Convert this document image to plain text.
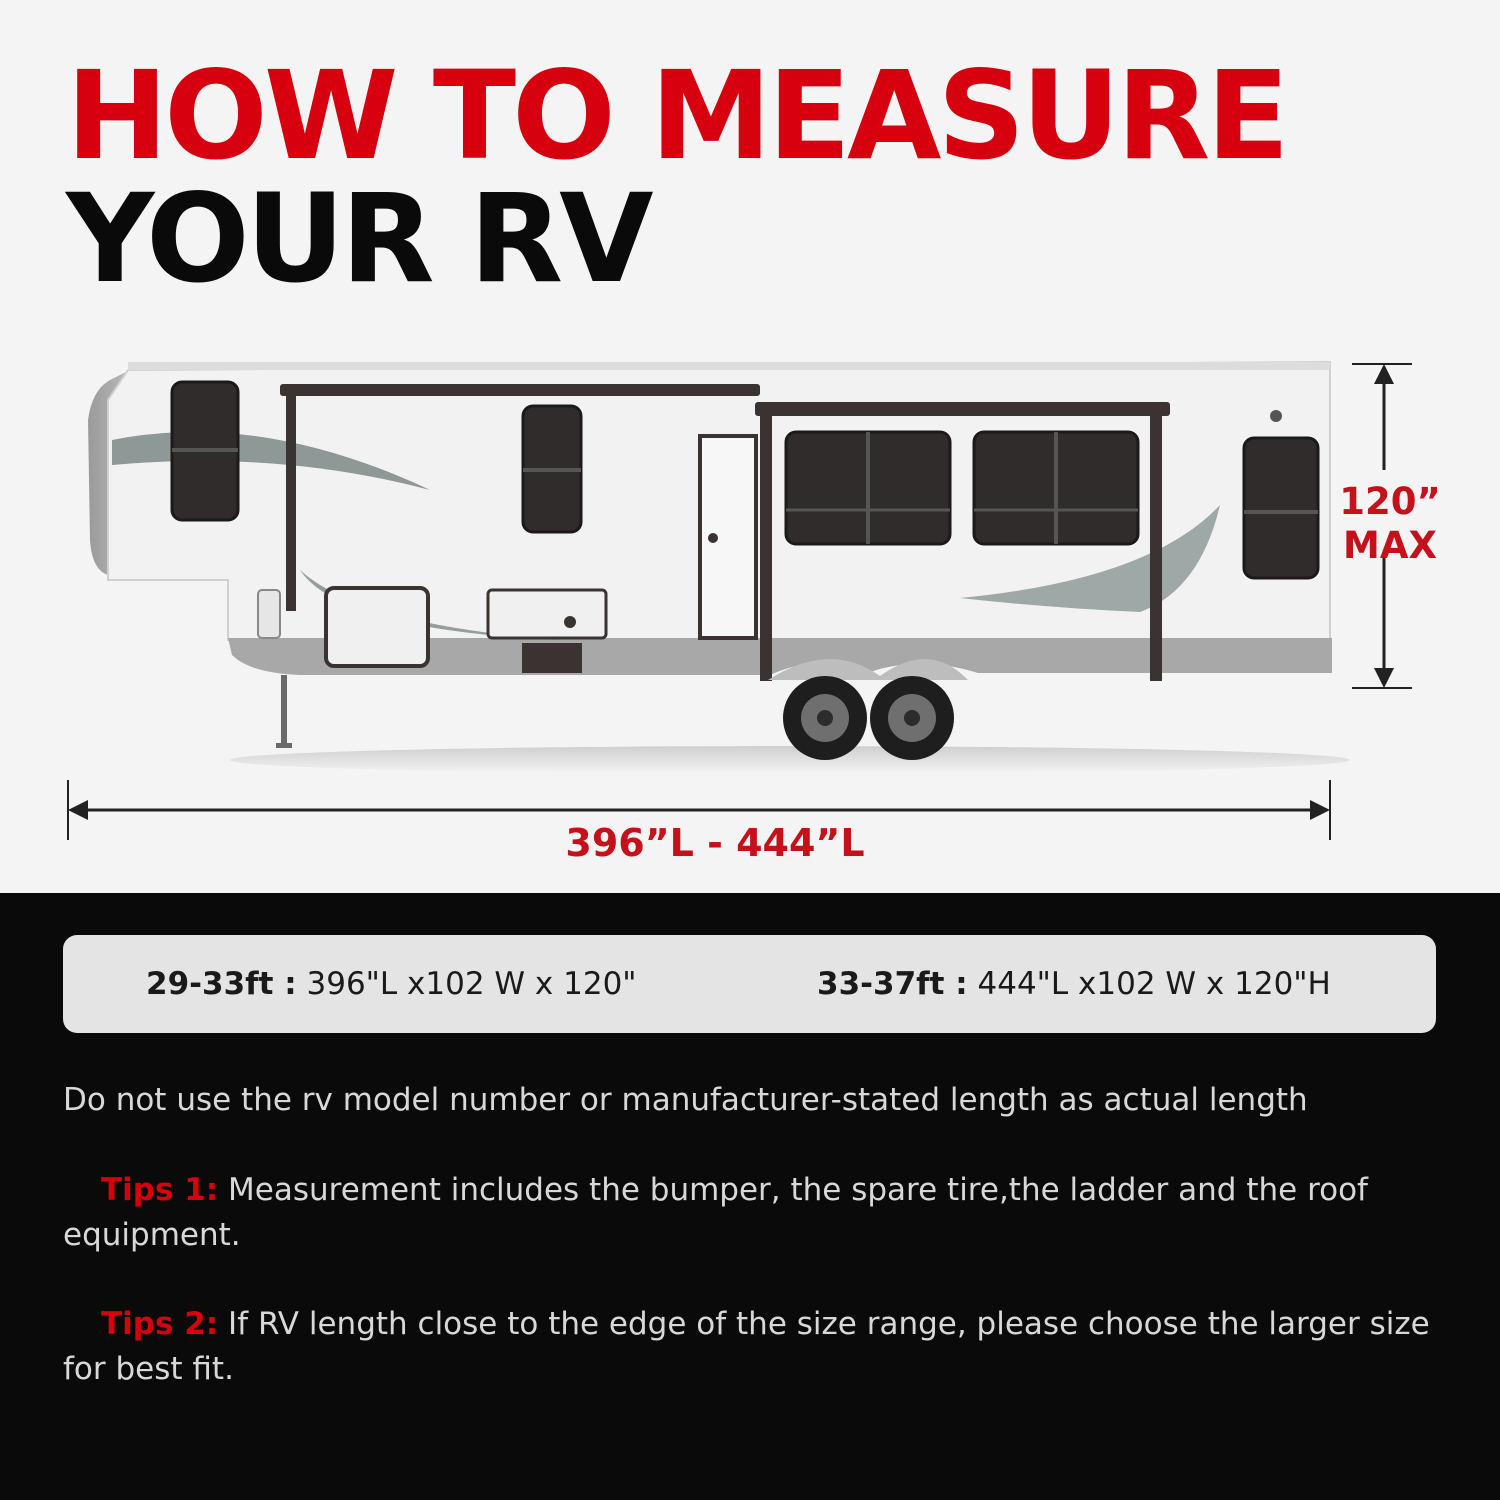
HOW TO MEASURE
YOUR RV
120”
MAX
396”L - 444”L
29-33ft : 396"L x102 W x 120"	33-37ft : 444"L x102 W x 120"H
Do not use the rv model number or manufacturer-stated length as actual length
Tips 1: Measurement includes the bumper, the spare tire,the ladder and the roof equipment.
Tips 2: If RV length close to the edge of the size range, please choose the larger size for best fit.
